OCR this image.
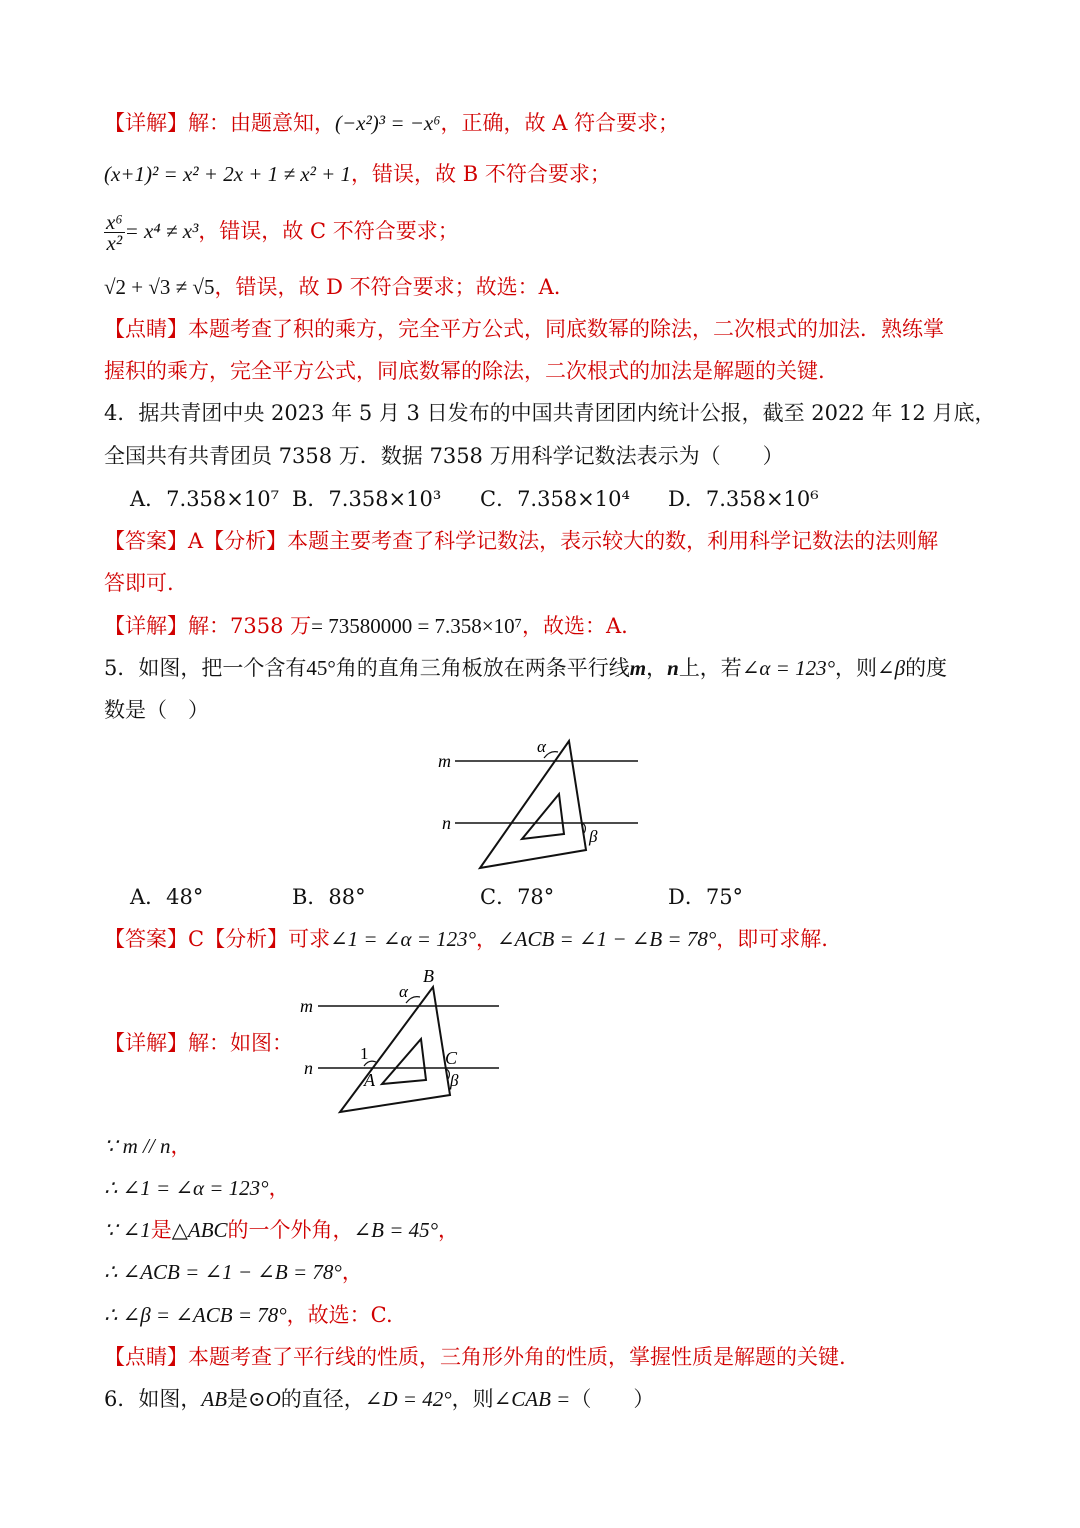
【详解】解：由题意知，(−x²)³ = −x⁶，正确，故 A 符合要求；
(x+1)² = x² + 2x + 1 ≠ x² + 1，错误，故 B 不符合要求；
$\frac{\text{x⁶}}{\text{x²}} = x^4 \ne x^3$，错误，故 C 不符合要求；
√2 + √3 ≠ √5，错误，故 D 不符合要求；故选：A.
【点睛】本题考查了积的乘方，完全平方公式，同底数幂的除法，二次根式的加法．熟练掌
握积的乘方，完全平方公式，同底数幂的除法，二次根式的加法是解题的关键.
4．据共青团中央 2023 年 5 月 3 日发布的中国共青团团内统计公报，截至 2022 年 12 月底，
全国共有共青团员 7358 万．数据 7358 万用科学记数法表示为（　　）
A．7.358×10⁷ B．7.358×10³ C．7.358×10⁴ D．7.358×10⁶
【答案】A【分析】本题主要考查了科学记数法，表示较大的数，利用科学记数法的法则解
答即可.
【详解】解：7358 万= 73580000 = 7.358×10⁷，故选：A.
5．如图，把一个含有45°角的直角三角板放在两条平行线m，n上，若∠α = 123°，则∠β的度
数是（　）
m
n
α
β
A．48°	B．88°	C．78°	D．75°
【答案】C【分析】可求∠1 = ∠α = 123°，∠ACB = ∠1 − ∠B = 78°，即可求解.
【详解】解：如图：
m
n
α
B
C
β
1
A
∵ m // n，
∴ ∠1 = ∠α = 123°，
∵ ∠1是△ABC的一个外角，∠B = 45°，
∴ ∠ACB = ∠1 − ∠B = 78°，
∴ ∠β = ∠ACB = 78°，故选：C.
【点睛】本题考查了平行线的性质，三角形外角的性质，掌握性质是解题的关键.
6．如图，AB是⊙O的直径，∠D = 42°，则∠CAB =（　　）
